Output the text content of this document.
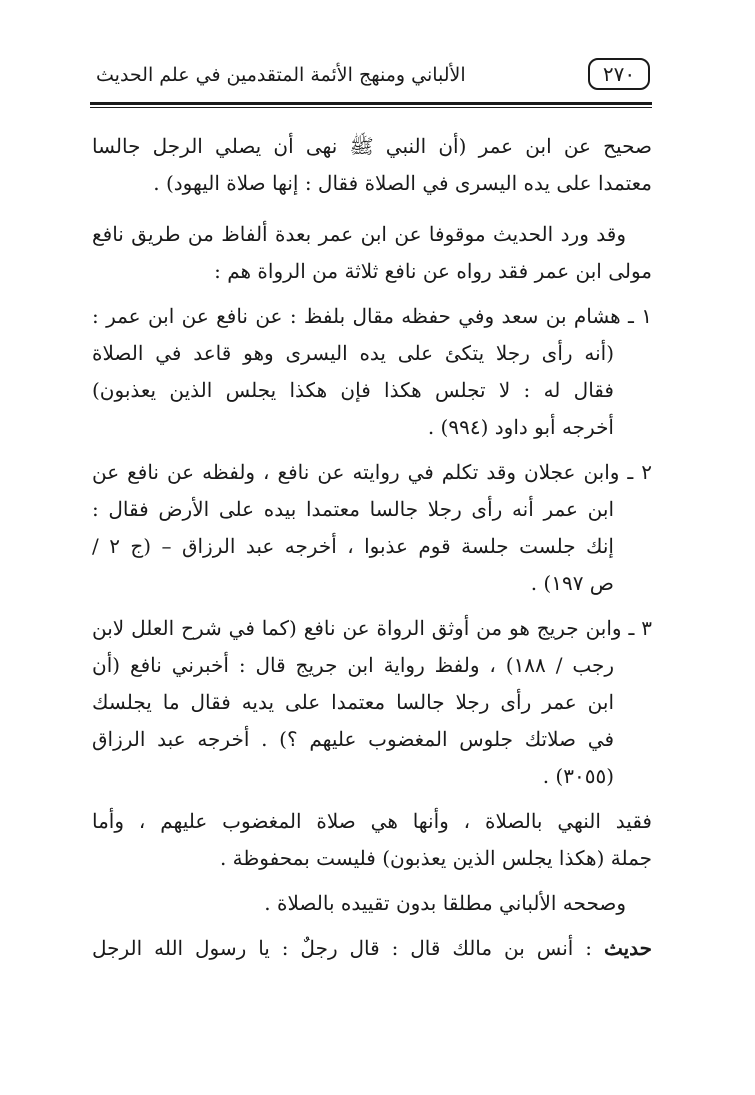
٢٧٠
الألباني ومنهج الأئمة المتقدمين في علم الحديث
صحيح عن ابن عمر (أن النبي ﷺ نهى أن يصلي الرجل جالسا
معتمدا على يده اليسرى في الصلاة فقال : إنها صلاة اليهود) .
وقد ورد الحديث موقوفا عن ابن عمر بعدة ألفاظ من طريق نافع
مولى ابن عمر فقد رواه عن نافع ثلاثة من الرواة هم :
١ ـ هشام بن سعد وفي حفظه مقال بلفظ : عن نافع عن ابن عمر :
(أنه رأى رجلا يتكئ على يده اليسرى وهو قاعد في الصلاة
فقال له : لا تجلس هكذا فإن هكذا يجلس الذين يعذبون)
أخرجه أبو داود (٩٩٤) .
٢ ـ وابن عجلان وقد تكلم في روايته عن نافع ، ولفظه عن نافع عن
ابن عمر أنه رأى رجلا جالسا معتمدا بيده على الأرض فقال :
إنك جلست جلسة قوم عذبوا ، أخرجه عبد الرزاق – (ج ٢ /
ص ١٩٧) .
٣ ـ وابن جريج هو من أوثق الرواة عن نافع (كما في شرح العلل لابن
رجب / ١٨٨) ، ولفظ رواية ابن جريج قال : أخبرني نافع (أن
ابن عمر رأى رجلا جالسا معتمدا على يديه فقال ما يجلسك
في صلاتك جلوس المغضوب عليهم ؟) . أخرجه عبد الرزاق
(٣٠٥٥) .
فقيد النهي بالصلاة ، وأنها هي صلاة المغضوب عليهم ، وأما
جملة (هكذا يجلس الذين يعذبون) فليست بمحفوظة .
وصححه الألباني مطلقا بدون تقييده بالصلاة .
حديث : أنس بن مالك قال : قال رجلٌ : يا رسول الله الرجل
